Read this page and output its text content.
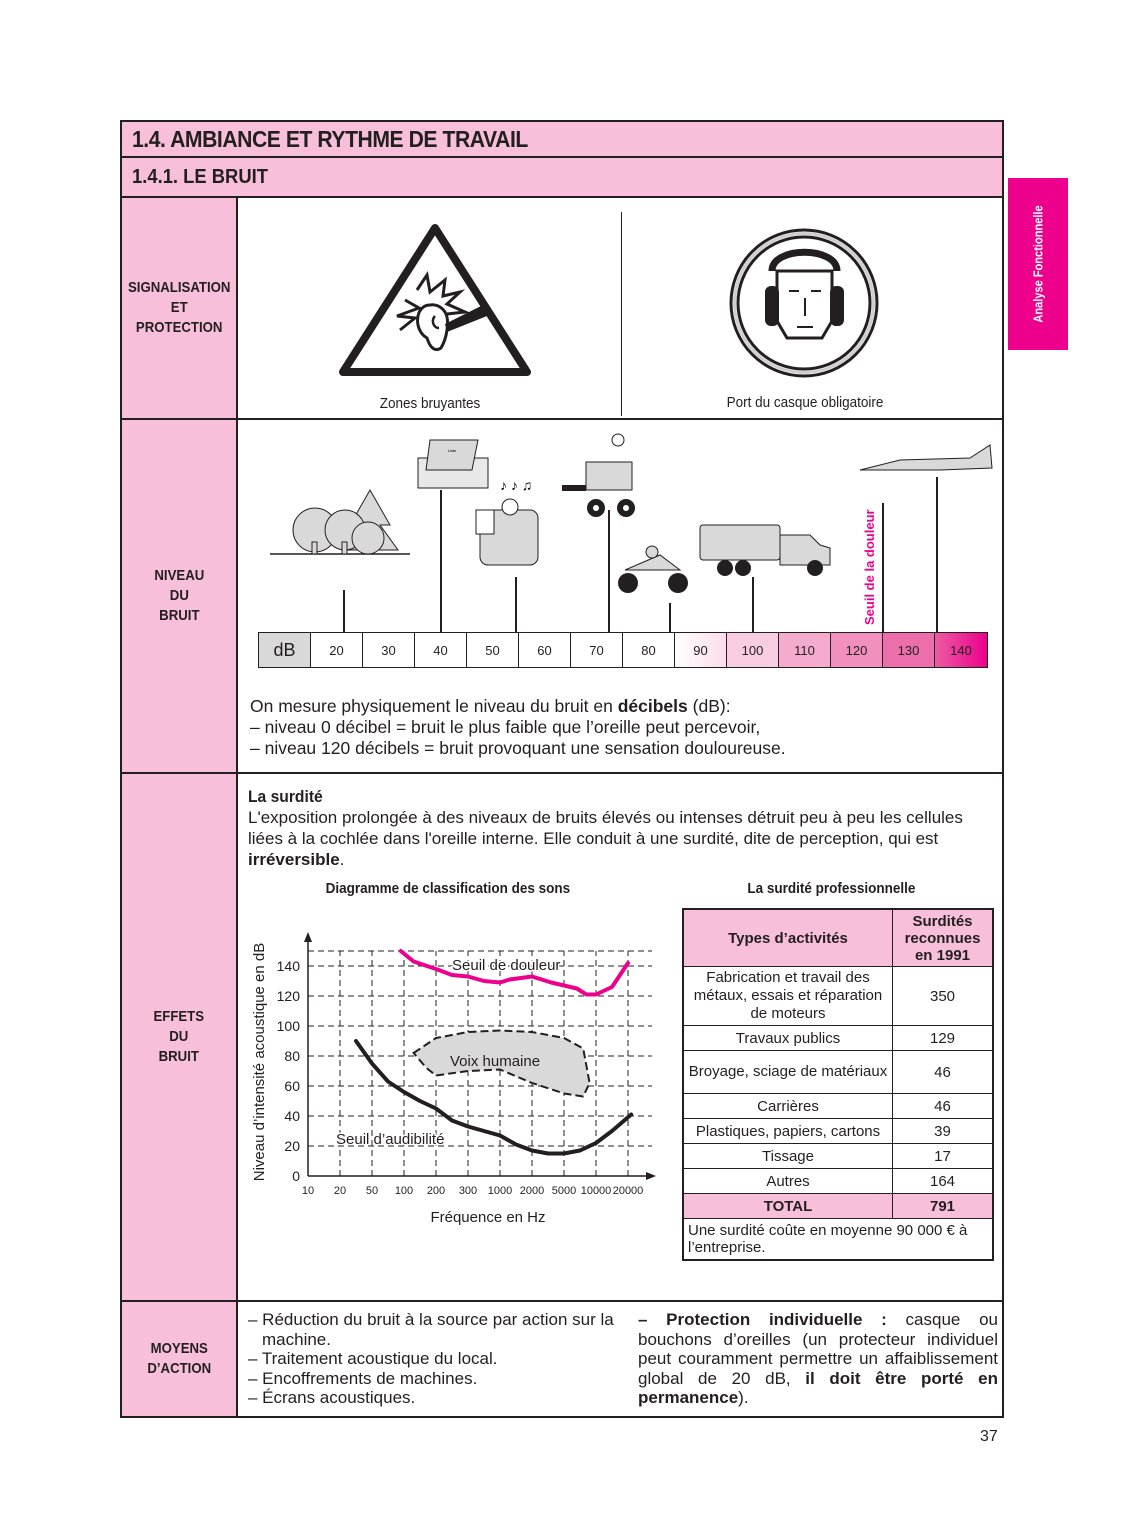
Analyse Fonctionnelle
1.4. AMBIANCE ET RYTHME DE TRAVAIL
1.4.1. LE BRUIT
SIGNALISATION
ET
PROTECTION
NIVEAU
DU
BRUIT
EFFETS
DU
BRUIT
MOYENS
D’ACTION
Zones bruyantes	Port du casque obligatoire
Liste
♪ ♪ ♫
Seuil de la douleur
dB	20	30	40	50	60	70	80	90	100	110	120	130	140
On mesure physiquement le niveau du bruit en décibels (dB):
– niveau 0 décibel = bruit le plus faible que l’oreille peut percevoir,
– niveau 120 décibels = bruit provoquant une sensation douloureuse.
La surdité
L'exposition prolongée à des niveaux de bruits élevés ou intenses détruit peu à peu les cellules liées à la cochlée dans l'oreille interne. Elle conduit à une surdité, dite de perception, qui est irréversible.
Diagramme de classification des sons	La surdité professionnelle
0
20
40
60
80
100
120
140
10 20 50 100 200 300 1000 2000 5000 10000 20000
Niveau d’intensité acoustique en dB
Fréquence en Hz
Seuil de douleur
Voix humaine
Seuil d’audibilité
Types d’activités	Surdités reconnues en 1991
Fabrication et travail des métaux, essais et réparation de moteurs	350
Travaux publics	129
Broyage, sciage de matériaux	46
Carrières	46
Plastiques, papiers, cartons	39
Tissage	17
Autres	164
TOTAL	791
Une surdité coûte en moyenne 90 000 € à l’entreprise.	
– Réduction du bruit à la source par action sur la machine.
– Traitement acoustique du local.
– Encoffrements de machines.
– Écrans acoustiques.
– Protection individuelle : casque ou bouchons d’oreilles (un protecteur individuel peut couramment permettre un affaiblissement global de 20 dB, il doit être porté en permanence).
37
